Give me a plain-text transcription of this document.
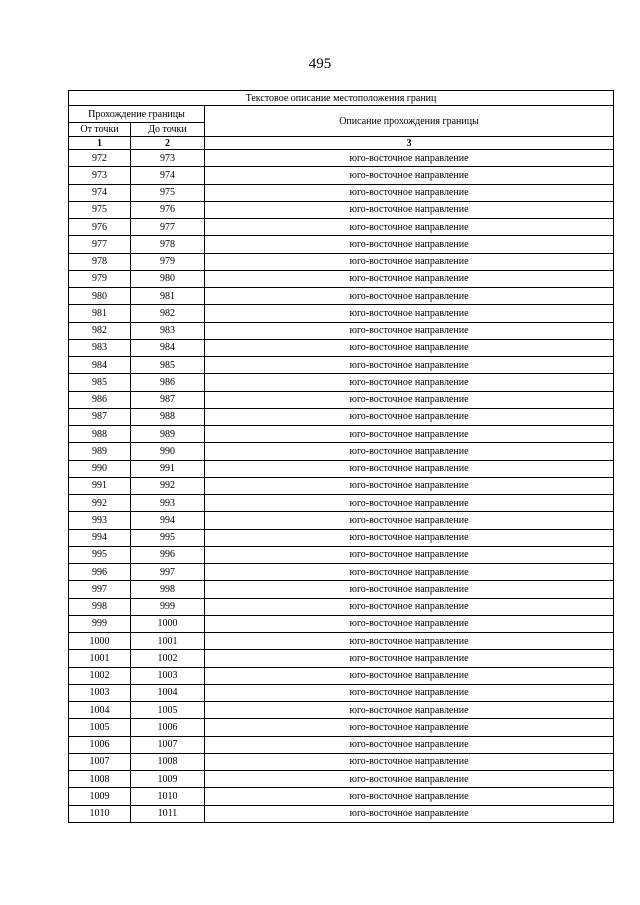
495
Текстовое описание местоположения границ		
Прохождение границы		Описание прохождения границы
От точки	До точки	
1	2	3
972	973	юго-восточное направление
973	974	юго-восточное направление
974	975	юго-восточное направление
975	976	юго-восточное направление
976	977	юго-восточное направление
977	978	юго-восточное направление
978	979	юго-восточное направление
979	980	юго-восточное направление
980	981	юго-восточное направление
981	982	юго-восточное направление
982	983	юго-восточное направление
983	984	юго-восточное направление
984	985	юго-восточное направление
985	986	юго-восточное направление
986	987	юго-восточное направление
987	988	юго-восточное направление
988	989	юго-восточное направление
989	990	юго-восточное направление
990	991	юго-восточное направление
991	992	юго-восточное направление
992	993	юго-восточное направление
993	994	юго-восточное направление
994	995	юго-восточное направление
995	996	юго-восточное направление
996	997	юго-восточное направление
997	998	юго-восточное направление
998	999	юго-восточное направление
999	1000	юго-восточное направление
1000	1001	юго-восточное направление
1001	1002	юго-восточное направление
1002	1003	юго-восточное направление
1003	1004	юго-восточное направление
1004	1005	юго-восточное направление
1005	1006	юго-восточное направление
1006	1007	юго-восточное направление
1007	1008	юго-восточное направление
1008	1009	юго-восточное направление
1009	1010	юго-восточное направление
1010	1011	юго-восточное направление
